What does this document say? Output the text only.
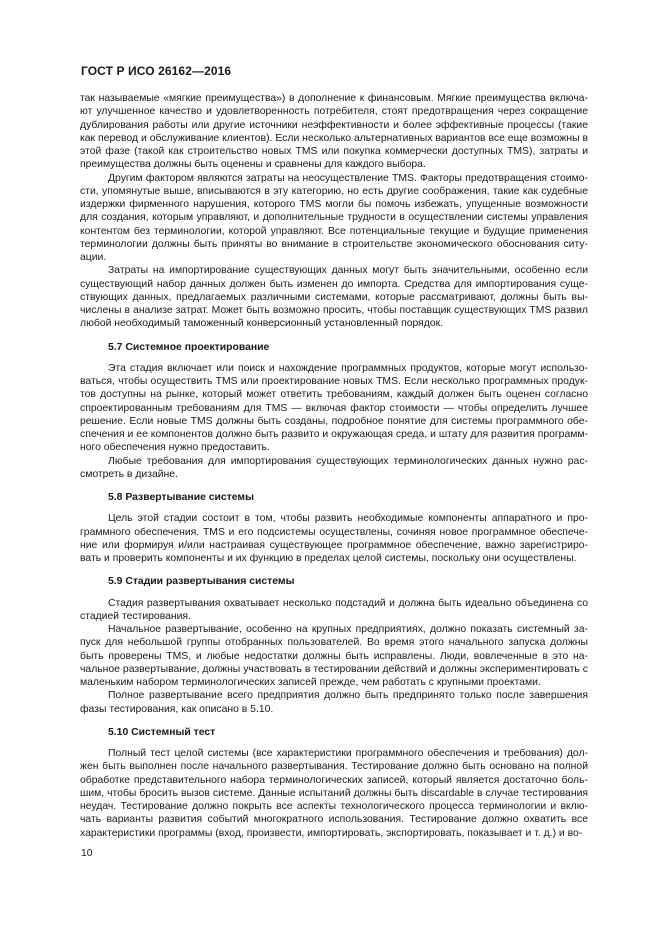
ГОСТ Р ИСО 26162—2016

так называемые «мягкие преимущества») в дополнение к финансовым. Мягкие преимущества включа-ют улучшенное качество и удовлетворенность потребителя, стоят предотвращения через сокращение дублирования работы или другие источники неэффективности и более эффективные процессы (такие как перевод и обслуживание клиентов). Если несколько альтернативных вариантов все еще возможны в этой фазе (такой как строительство новых TMS или покупка коммерчески доступных TMS), затраты и преимущества должны быть оценены и сравнены для каждого выбора.

Другим фактором являются затраты на неосуществление TMS. Факторы предотвращения стоимо-сти, упомянутые выше, вписываются в эту категорию, но есть другие соображения, такие как судебные издержки фирменного нарушения, которого TMS могли бы помочь избежать, упущенные возможности для создания, которым управляют, и дополнительные трудности в осуществлении системы управления контентом без терминологии, которой управляют. Все потенциальные текущие и будущие применения терминологии должны быть приняты во внимание в строительстве экономического обоснования ситу-ации.

Затраты на импортирование существующих данных могут быть значительными, особенно если существующий набор данных должен быть изменен до импорта. Средства для импортирования суще-ствующих данных, предлагаемых различными системами, которые рассматривают, должны быть вы-числены в анализе затрат. Может быть возможно просить, чтобы поставщик существующих TMS развил любой необходимый таможенный конверсионный установленный порядок.

5.7 Системное проектирование

Эта стадия включает или поиск и нахождение программных продуктов, которые могут использо-ваться, чтобы осуществить TMS или проектирование новых TMS. Если несколько программных продук-тов доступны на рынке, который может ответить требованиям, каждый должен быть оценен согласно спроектированным требованиям для TMS — включая фактор стоимости — чтобы определить лучшее решение. Если новые TMS должны быть созданы, подробное понятие для системы программного обе-спечения и ее компонентов должно быть развито и окружающая среда, и штату для развития программ-ного обеспечения нужно предоставить.

Любые требования для импортирования существующих терминологических данных нужно рас-смотреть в дизайне.

5.8 Развертывание системы

Цель этой стадии состоит в том, чтобы развить необходимые компоненты аппаратного и про-граммного обеспечения. TMS и его подсистемы осуществлены, сочиняя новое программное обеспече-ние или формируя и/или настраивая существующее программное обеспечение, важно зарегистриро-вать и проверить компоненты и их функцию в пределах целой системы, поскольку они осуществлены.

5.9 Стадии развертывания системы

Стадия развертывания охватывает несколько подстадий и должна быть идеально объединена со стадией тестирования.

Начальное развертывание, особенно на крупных предприятиях, должно показать системный за-пуск для небольшой группы отобранных пользователей. Во время этого начального запуска должны быть проверены TMS, и любые недостатки должны быть исправлены. Люди, вовлеченные в это на-чальное развертывание, должны участвовать в тестировании действий и должны экспериментировать с маленьким набором терминологических записей прежде, чем работать с крупными проектами.

Полное развертывание всего предприятия должно быть предпринято только после завершения фазы тестирования, как описано в 5.10.

5.10 Системный тест

Полный тест целой системы (все характеристики программного обеспечения и требования) дол-жен быть выполнен после начального развертывания. Тестирование должно быть основано на полной обработке представительного набора терминологических записей, который является достаточно боль-шим, чтобы бросить вызов системе. Данные испытаний должны быть discardable в случае тестирования неудач. Тестирование должно покрыть все аспекты технологического процесса терминологии и вклю-чать варианты развития событий многократного использования. Тестирование должно охватить все характеристики программы (вход, произвести, импортировать, экспортировать, показывает и т. д.) и во-

10
